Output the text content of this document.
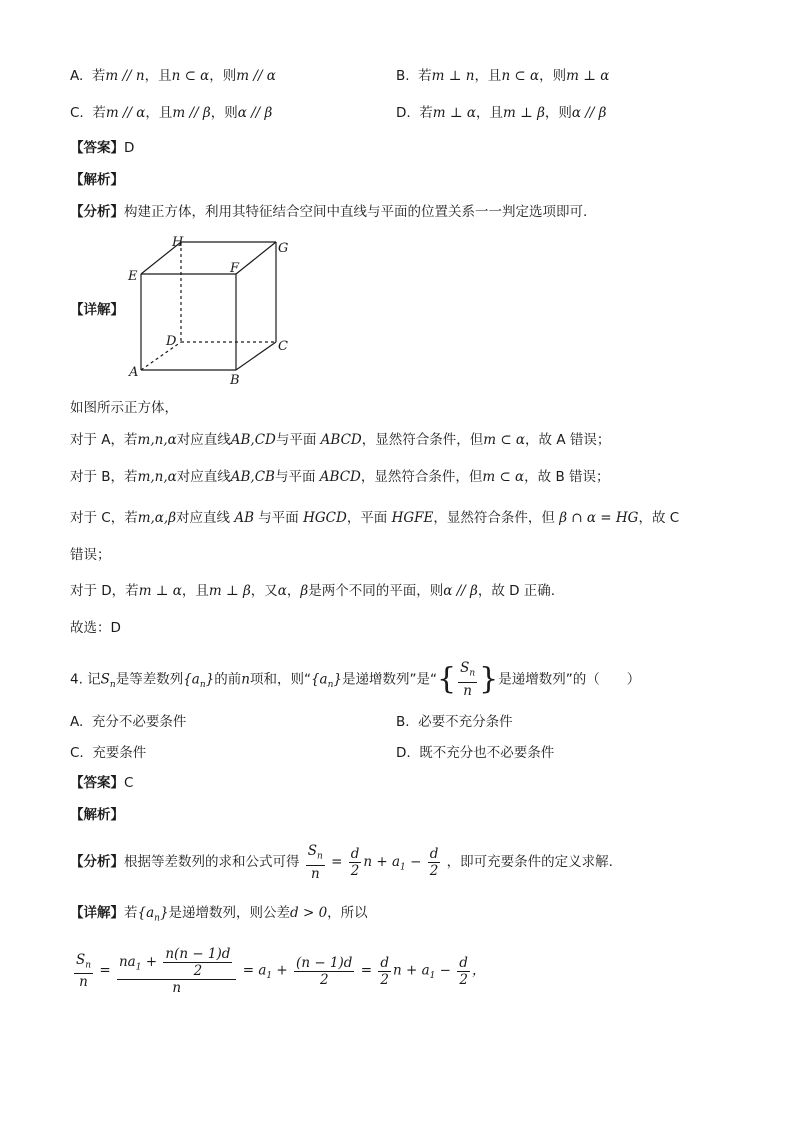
A. 若m // n，且n ⊂ α，则m // α	B. 若m ⊥ n，且n ⊂ α，则m ⊥ α
C. 若m // α，且m // β，则α // β	D. 若m ⊥ α，且m ⊥ β，则α // β
【答案】D
【解析】
【分析】构建正方体，利用其特征结合空间中直线与平面的位置关系一一判定选项即可.
【详解】
H	G
E
F
D	C
A
B
如图所示正方体，
对于 A，若m,n,α对应直线AB,CD与平面 ABCD，显然符合条件，但m ⊂ α，故 A 错误；
对于 B，若m,n,α对应直线AB,CB与平面 ABCD，显然符合条件，但m ⊂ α，故 B 错误；
对于 C，若m,α,β对应直线 AB 与平面 HGCD，平面 HGFE，显然符合条件，但 β ∩ α = HG，故 C
错误；
对于 D，若m ⊥ α，且m ⊥ β，又α，β是两个不同的平面，则α // β，故 D 正确.
故选：D
4. 记$S_n$是等差数列$\{a_n\}$的前n项和，则“$\{a_n\}$是递增数列”是“{ $\frac{S_n}{n}$ }是递增数列”的（　　）
A. 充分不必要条件	B. 必要不充分条件
C. 充要条件	D. 既不充分也不必要条件
【答案】C
【解析】
【分析】根据等差数列的求和公式可得 $\frac{S_n}{n} = \frac{d}{2}$ $n + a_1 - \frac{d}{2}$ ，即可充要条件的定义求解.
【详解】若$\{a_n\}$是递增数列，则公差d > 0，所以
$\frac{S_n}{n} = \frac{na_1 + \frac{n(n - 1)d}{2}}{n} = a_1 + \frac{(n - 1)d}{2} = \frac{d}{2}$ $n + a_1 - \frac{d}{2}$ ，
